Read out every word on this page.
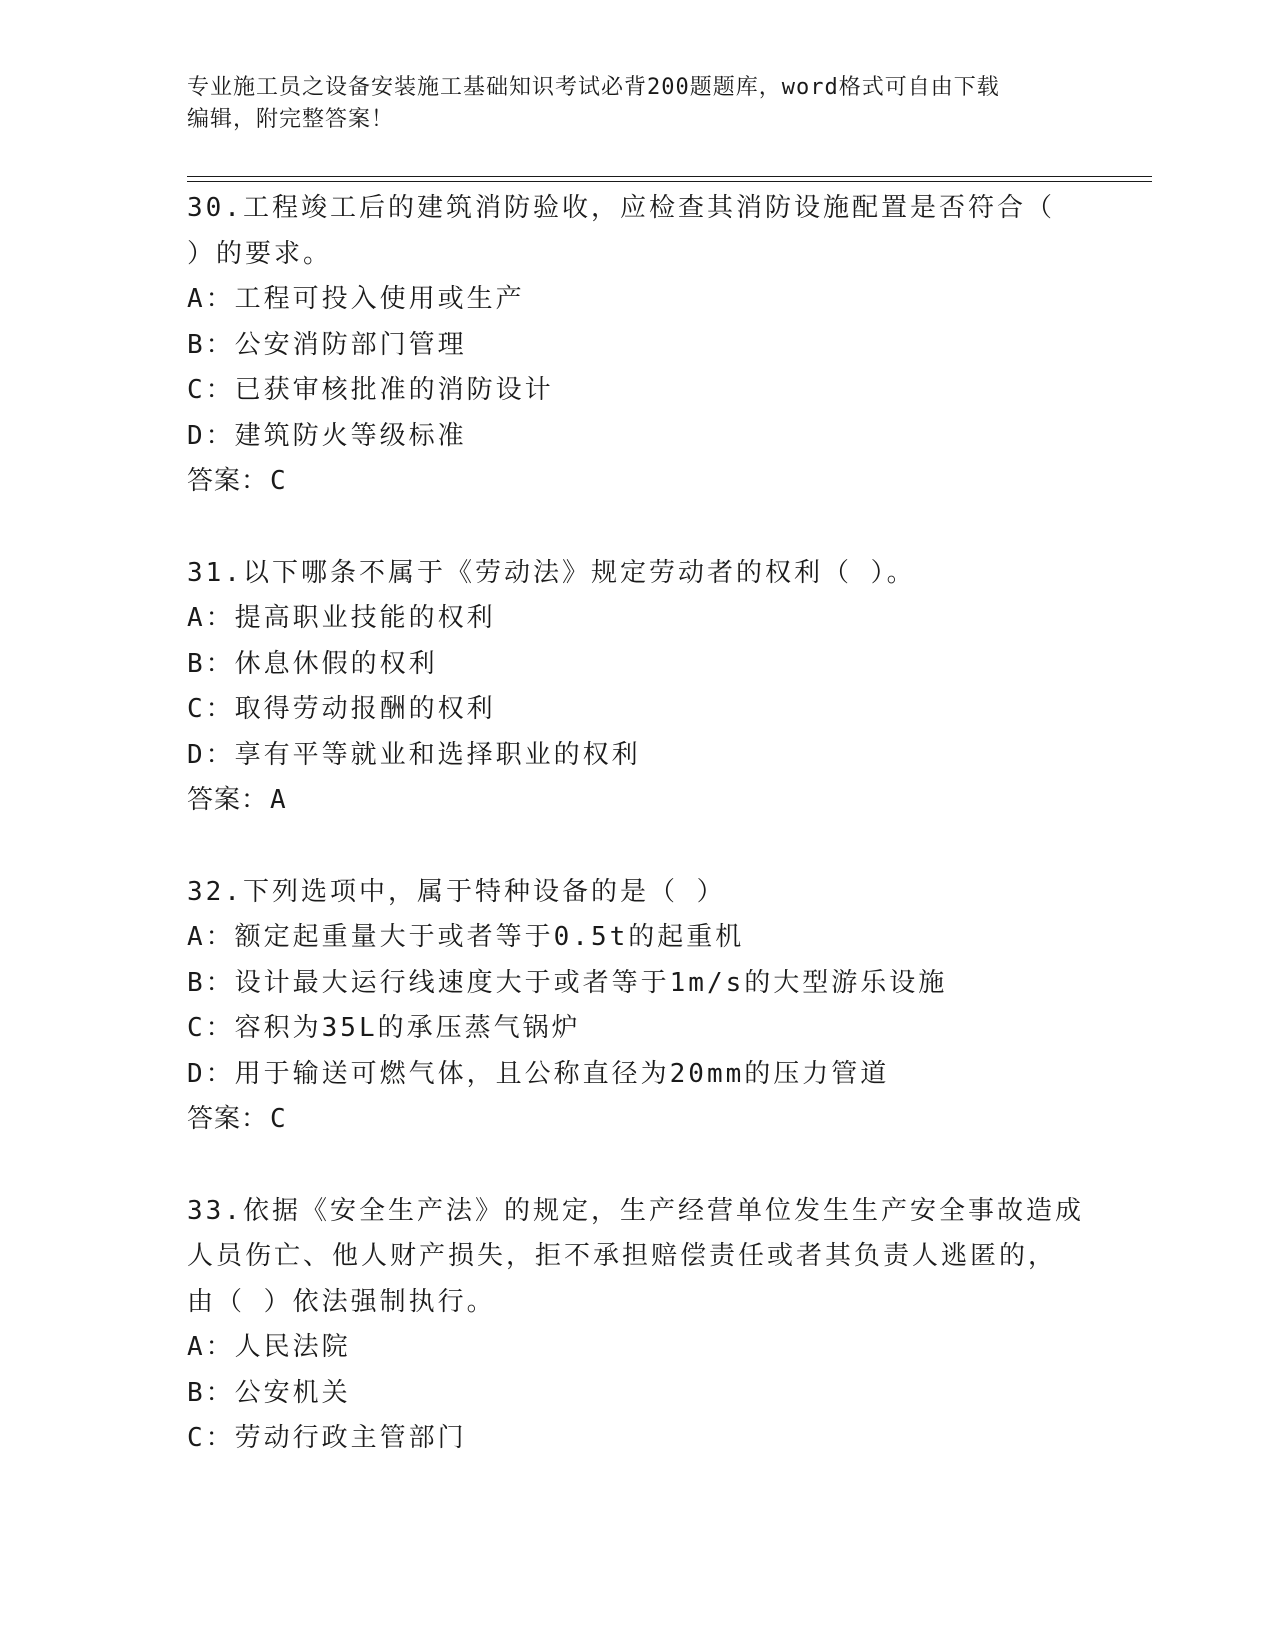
专业施工员之设备安装施工基础知识考试必背200题题库，word格式可自由下载
编辑，附完整答案！
30.工程竣工后的建筑消防验收，应检查其消防设施配置是否符合（
）的要求。
A：工程可投入使用或生产
B：公安消防部门管理
C：已获审核批准的消防设计
D：建筑防火等级标准
答案：C
31.以下哪条不属于《劳动法》规定劳动者的权利（ ）。
A：提高职业技能的权利
B：休息休假的权利
C：取得劳动报酬的权利
D：享有平等就业和选择职业的权利
答案：A
32.下列选项中，属于特种设备的是（ ）
A：额定起重量大于或者等于0.5t的起重机
B：设计最大运行线速度大于或者等于1m/s的大型游乐设施
C：容积为35L的承压蒸气锅炉
D：用于输送可燃气体，且公称直径为20mm的压力管道
答案：C
33.依据《安全生产法》的规定，生产经营单位发生生产安全事故造成
人员伤亡、他人财产损失，拒不承担赔偿责任或者其负责人逃匿的，
由（ ）依法强制执行。
A：人民法院
B：公安机关
C：劳动行政主管部门
